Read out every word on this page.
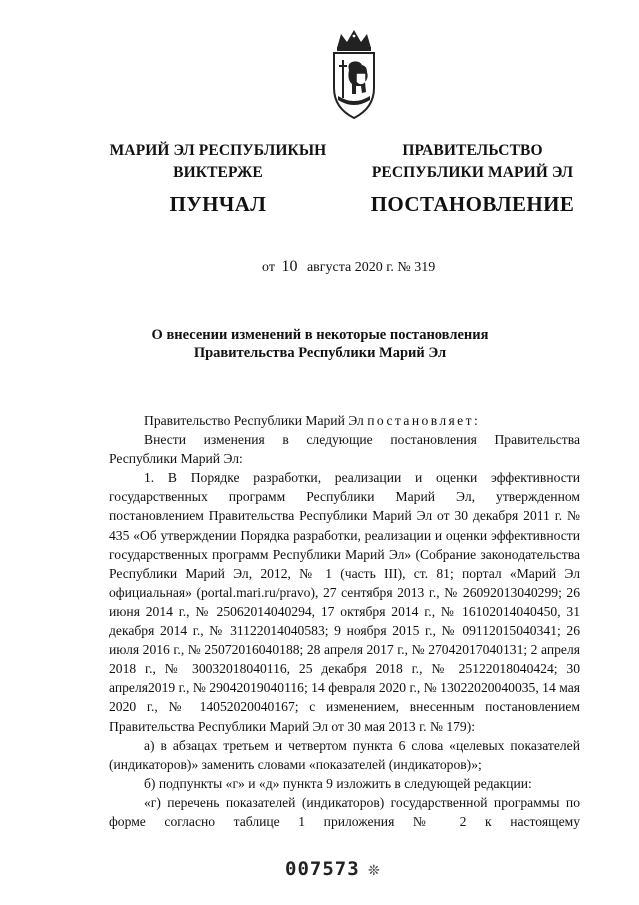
МАРИЙ ЭЛ РЕСПУБЛИКЫН
ВИКТЕРЖЕ
ПУНЧАЛ
ПРАВИТЕЛЬСТВО
РЕСПУБЛИКИ МАРИЙ ЭЛ
ПОСТАНОВЛЕНИЕ
от 10 августа 2020 г. № 319
О внесении изменений в некоторые постановления
Правительства Республики Марий Эл

Правительство Республики Марий Эл постановляет:

Внести изменения в следующие постановления Правительства Республики Марий Эл:

1. В Порядке разработки, реализации и оценки эффективности государственных программ Республики Марий Эл, утвержденном постановлением Правительства Республики Марий Эл от 30 декабря 2011 г. № 435 «Об утверждении Порядка разработки, реализации и оценки эффективности государственных программ Республики Марий Эл» (Собрание законодательства Республики Марий Эл, 2012, № 1 (часть III), ст. 81; портал «Марий Эл официальная» (portal.mari.ru/pravo), 27 сентября 2013 г., № 26092013040299; 26 июня 2014 г., № 25062014040294, 17 октября 2014 г., № 16102014040450, 31 декабря 2014 г., № 31122014040583; 9 ноября 2015 г., № 09112015040341; 26 июля 2016 г., № 25072016040188; 28 апреля 2017 г., № 27042017040131; 2 апреля 2018 г., № 30032018040116, 25 декабря 2018 г., № 25122018040424; 30 апреля2019 г., № 29042019040116; 14 февраля 2020 г., № 13022020040035, 14 мая 2020 г., № 14052020040167; с изменением, внесенным постановлением Правительства Республики Марий Эл от 30 мая 2013 г. № 179):

а) в абзацах третьем и четвертом пункта 6 слова «целевых показателей (индикаторов)» заменить словами «показателей (индикаторов)»;

б) подпункты «г» и «д» пункта 9 изложить в следующей редакции:

«г) перечень показателей (индикаторов) государственной программы по форме согласно таблице 1 приложения № 2 к настоящему

007573 ❊
